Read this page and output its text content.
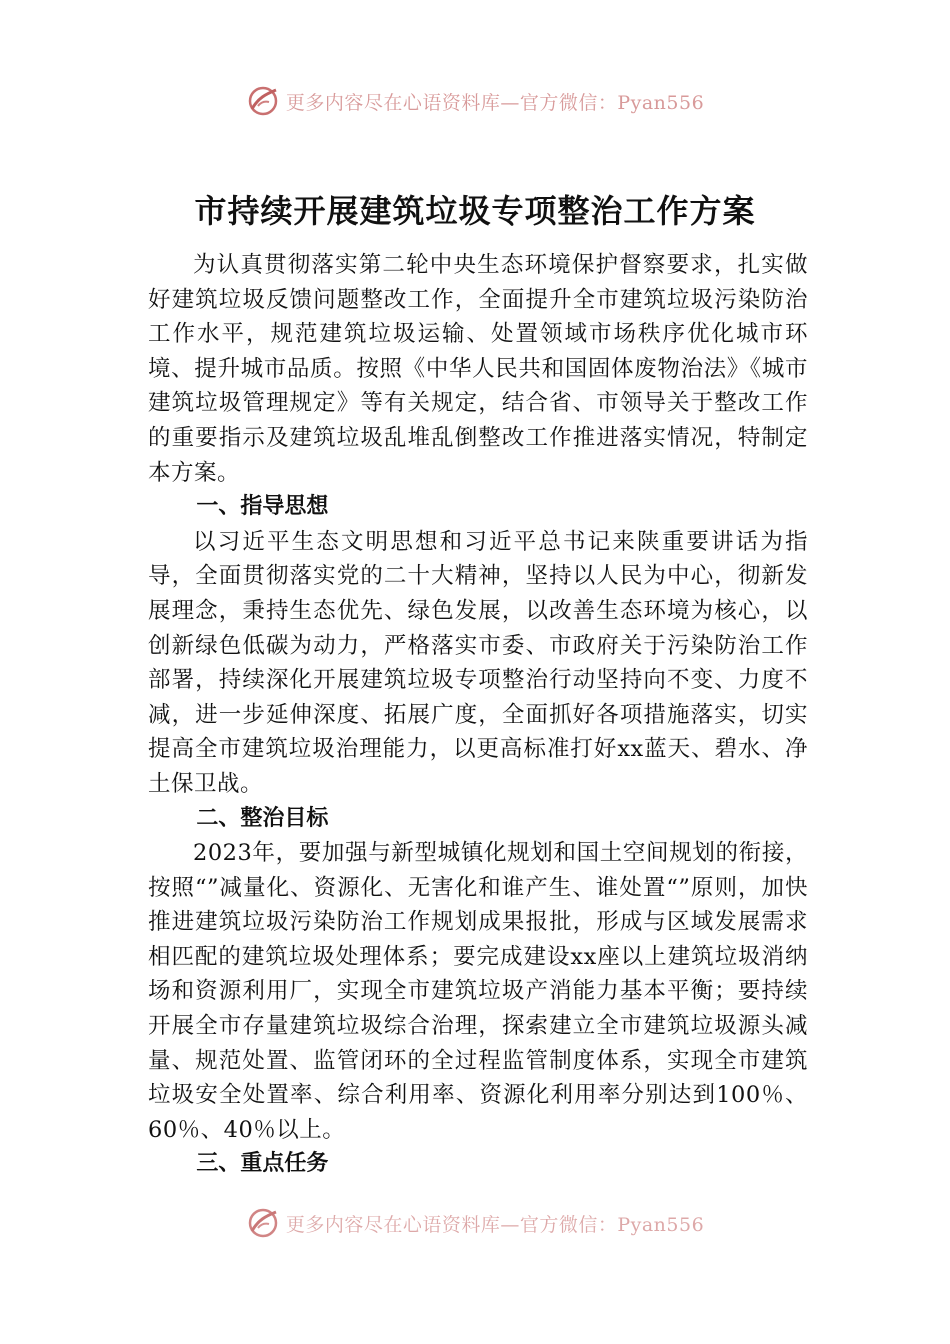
更多内容尽在心语资料库—官方微信：Pyan556
市持续开展建筑垃圾专项整治工作方案

为认真贯彻落实第二轮中央生态环境保护督察要求，扎实做好建筑垃圾反馈问题整改工作，全面提升全市建筑垃圾污染防治工作水平，规范建筑垃圾运输、处置领域市场秩序优化城市环境、提升城市品质。按照《中华人民共和国固体废物治法》《城市建筑垃圾管理规定》等有关规定，结合省、市领导关于整改工作的重要指示及建筑垃圾乱堆乱倒整改工作推进落实情况，特制定本方案。

一、指导思想

以习近平生态文明思想和习近平总书记来陕重要讲话为指导，全面贯彻落实党的二十大精神，坚持以人民为中心，彻新发展理念，秉持生态优先、绿色发展，以改善生态环境为核心，以创新绿色低碳为动力，严格落实市委、市政府关于污染防治工作部署，持续深化开展建筑垃圾专项整治行动坚持向不变、力度不减，进一步延伸深度、拓展广度，全面抓好各项措施落实，切实提高全市建筑垃圾治理能力，以更高标准打好xx蓝天、碧水、净土保卫战。

二、整治目标

2023年，要加强与新型城镇化规划和国土空间规划的衔接，按照“”减量化、资源化、无害化和谁产生、谁处置“”原则，加快推进建筑垃圾污染防治工作规划成果报批，形成与区域发展需求相匹配的建筑垃圾处理体系；要完成建设xx座以上建筑垃圾消纳场和资源利用厂，实现全市建筑垃圾产消能力基本平衡；要持续开展全市存量建筑垃圾综合治理，探索建立全市建筑垃圾源头减量、规范处置、监管闭环的全过程监管制度体系，实现全市建筑垃圾安全处置率、综合利用率、资源化利用率分别达到100％、60％、40％以上。

三、重点任务
更多内容尽在心语资料库—官方微信：Pyan556
